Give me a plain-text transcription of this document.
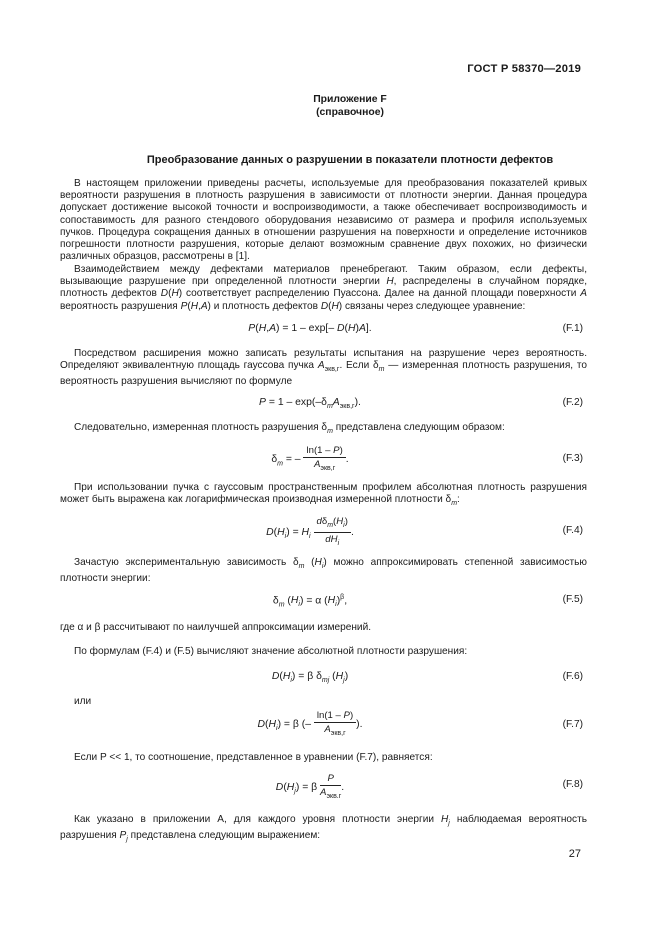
ГОСТ Р 58370—2019
Приложение F
(справочное)
Преобразование данных о разрушении в показатели плотности дефектов
В настоящем приложении приведены расчеты, используемые для преобразования показателей кривых вероятности разрушения в плотность разрушения в зависимости от плотности энергии. Данная процедура допускает достижение высокой точности и воспроизводимости, а также обеспечивает воспроизводимость и сопоставимость для разного стендового оборудования независимо от размера и профиля используемых пучков. Процедура сокращения данных в отношении разрушения на поверхности и определение источников погрешности плотности разрушения, которые делают возможным сравнение двух похожих, но физически различных образцов, рассмотрены в [1].
Взаимодействием между дефектами материалов пренебрегают. Таким образом, если дефекты, вызывающие разрушение при определенной плотности энергии H, распределены в случайном порядке, плотность дефектов D(H) соответствует распределению Пуассона. Далее на данной площади поверхности A вероятность разрушения P(H,A) и плотность дефектов D(H) связаны через следующее уравнение:
P(H,A) = 1 – exp[– D(H)A].	(F.1)
Посредством расширения можно записать результаты испытания на разрушение через вероятность. Определяют эквивалентную площадь гауссова пучка $A_{экв,г}$. Если $\delta_m$ — измеренная плотность разрушения, то вероятность разрушения вычисляют по формуле
$P = 1 - \exp(-\delta_mA_{экв,г})$.	(F.2)
Следовательно, измеренная плотность разрушения $\delta_m$ представлена следующим образом:
$\delta_m$ = – $\frac{\ln(1 - P)}{A_{экв,г}}$ .	(F.3)
При использовании пучка с гауссовым пространственным профилем абсолютная плотность разрушения может быть выражена как логарифмическая производная измеренной плотности $\delta_m$:
$D(H_i) = H_i \frac{d\delta_m(H_i)}{dH_i}$ .	(F.4)
Зачастую экспериментальную зависимость $\delta_m$ $(H_i)$ можно аппроксимировать степенной зависимостью плотности энергии:
$\delta_m$ $(H_i) = \alpha$ $(H_i)^\beta$,	(F.5)
где α и β рассчитывают по наилучшей аппроксимации измерений.
По формулам (F.4) и (F.5) вычисляют значение абсолютной плотности разрушения:
$D(H_i) = \beta$ $\delta_{mj}$ $(H_j)$	(F.6)
или
$D(H_i) = \beta$ (– $\frac{\ln(1 - P)}{A_{экв,г}}$ ).	(F.7)
Если P << 1, то соотношение, представленное в уравнении (F.7), равняется:
$D(H_j) = \beta \frac{P}{A_{экв.г}}$ .	(F.8)
Как указано в приложении А, для каждого уровня плотности энергии $H_j$ наблюдаемая вероятность разрушения $P_j$ представлена следующим выражением:
27
